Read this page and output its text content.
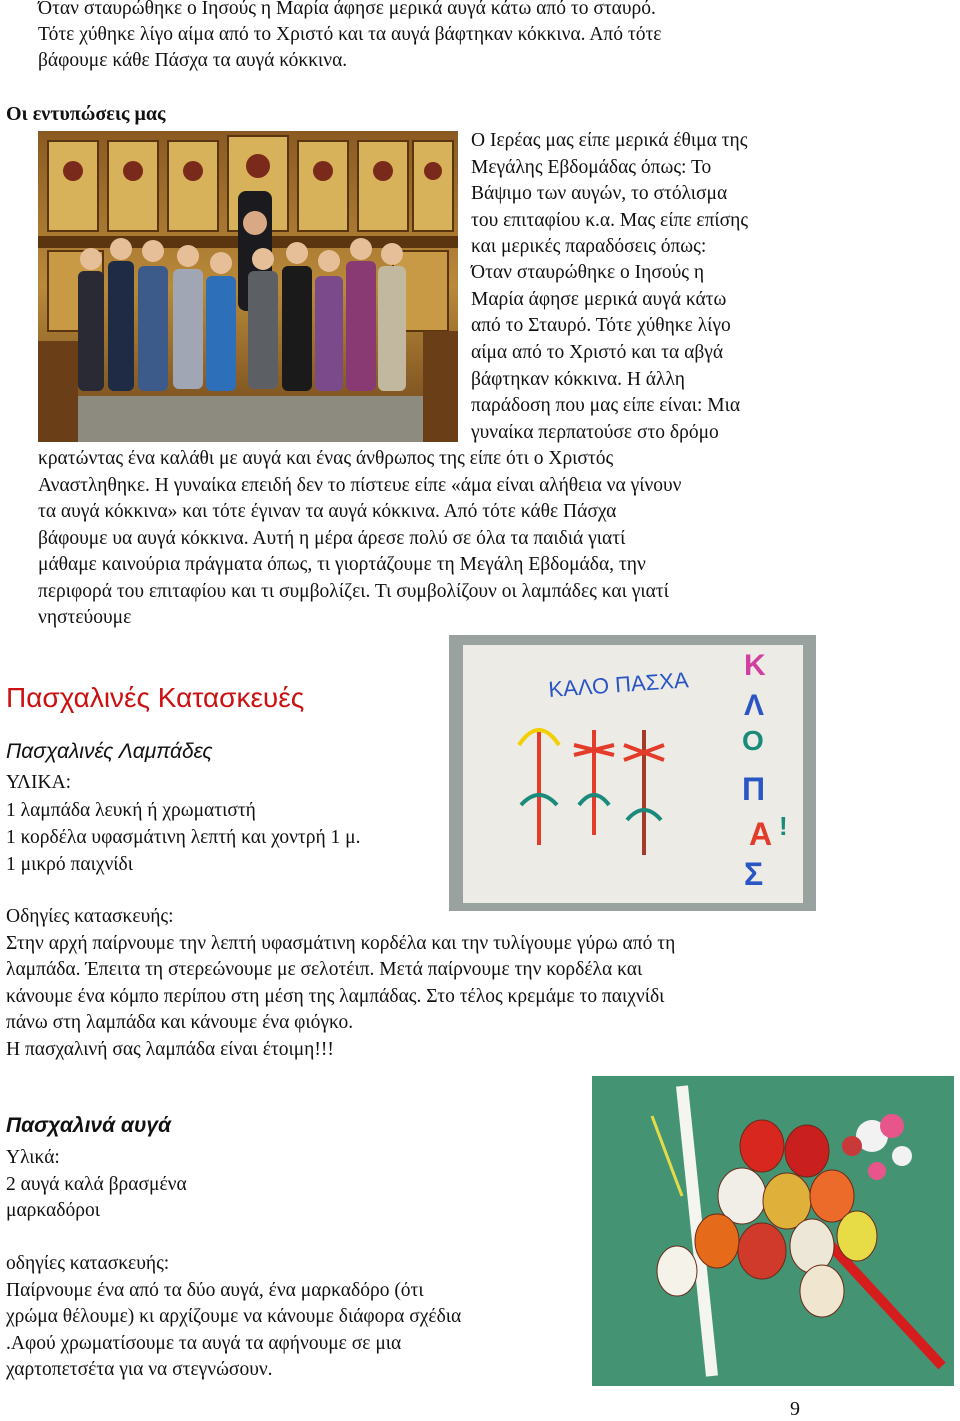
Όταν σταυρώθηκε ο Ιησούς η Μαρία άφησε μερικά αυγά κάτω από το σταυρό.
Τότε χύθηκε λίγο αίμα από το Χριστό και τα αυγά βάφτηκαν κόκκινα. Από τότε
βάφουμε κάθε Πάσχα τα αυγά κόκκινα.
Οι εντυπώσεις μας
Ο Ιερέας μας είπε μερικά έθιμα της
Μεγάλης Εβδομάδας όπως: Το
Βάψιμο των αυγών, το στόλισμα
του επιταφίου κ.α. Μας είπε επίσης
και μερικές παραδόσεις όπως:
Όταν σταυρώθηκε ο Ιησούς η
Μαρία άφησε μερικά αυγά κάτω
από το Σταυρό. Τότε χύθηκε λίγο
αίμα από το Χριστό και τα αβγά
βάφτηκαν κόκκινα. Η άλλη
παράδοση που μας είπε είναι: Μια
γυναίκα περπατούσε στο δρόμο
κρατώντας ένα καλάθι με αυγά και ένας άνθρωπος της είπε ότι ο Χριστός
Αναστληθηκε. Η γυναίκα επειδή δεν το πίστευε είπε «άμα είναι αλήθεια να γίνουν
τα αυγά κόκκινα» και τότε έγιναν τα αυγά κόκκινα. Από τότε κάθε Πάσχα
βάφουμε υα αυγά κόκκινα. Αυτή η μέρα άρεσε πολύ σε όλα τα παιδιά γιατί
μάθαμε καινούρια πράγματα όπως, τι γιορτάζουμε τη Μεγάλη Εβδομάδα, την
περιφορά του επιταφίου και τι συμβολίζει. Τι συμβολίζουν οι λαμπάδες και γιατί
νηστεύουμε
ΚΑΛΟ ΠΑΣΧΑ
Κ
Λ
Ο
Π
Α
Σ
!
Πασχαλινές Κατασκευές
Πασχαλινές Λαμπάδες
ΥΛΙΚΑ:
1 λαμπάδα λευκή ή χρωματιστή
1 κορδέλα υφασμάτινη λεπτή και χοντρή 1 μ.
1 μικρό παιχνίδι
Οδηγίες κατασκευής:
Στην αρχή παίρνουμε την λεπτή υφασμάτινη κορδέλα και την τυλίγουμε γύρω από τη
λαμπάδα. Έπειτα τη στερεώνουμε με σελοτέιπ. Μετά παίρνουμε την κορδέλα και
κάνουμε ένα κόμπο περίπου στη μέση της λαμπάδας. Στο τέλος κρεμάμε το παιχνίδι
πάνω στη λαμπάδα και κάνουμε ένα φιόγκο.
Η πασχαλινή σας λαμπάδα είναι έτοιμη!!!
Πασχαλινά αυγά
Υλικά:
2 αυγά καλά βρασμένα
μαρκαδόροι
οδηγίες κατασκευής:
Παίρνουμε ένα από τα δύο αυγά, ένα μαρκαδόρο (ότι
χρώμα θέλουμε) κι αρχίζουμε να κάνουμε διάφορα σχέδια
.Αφού χρωματίσουμε τα αυγά τα αφήνουμε σε μια
χαρτοπετσέτα για να στεγνώσουν.
9
